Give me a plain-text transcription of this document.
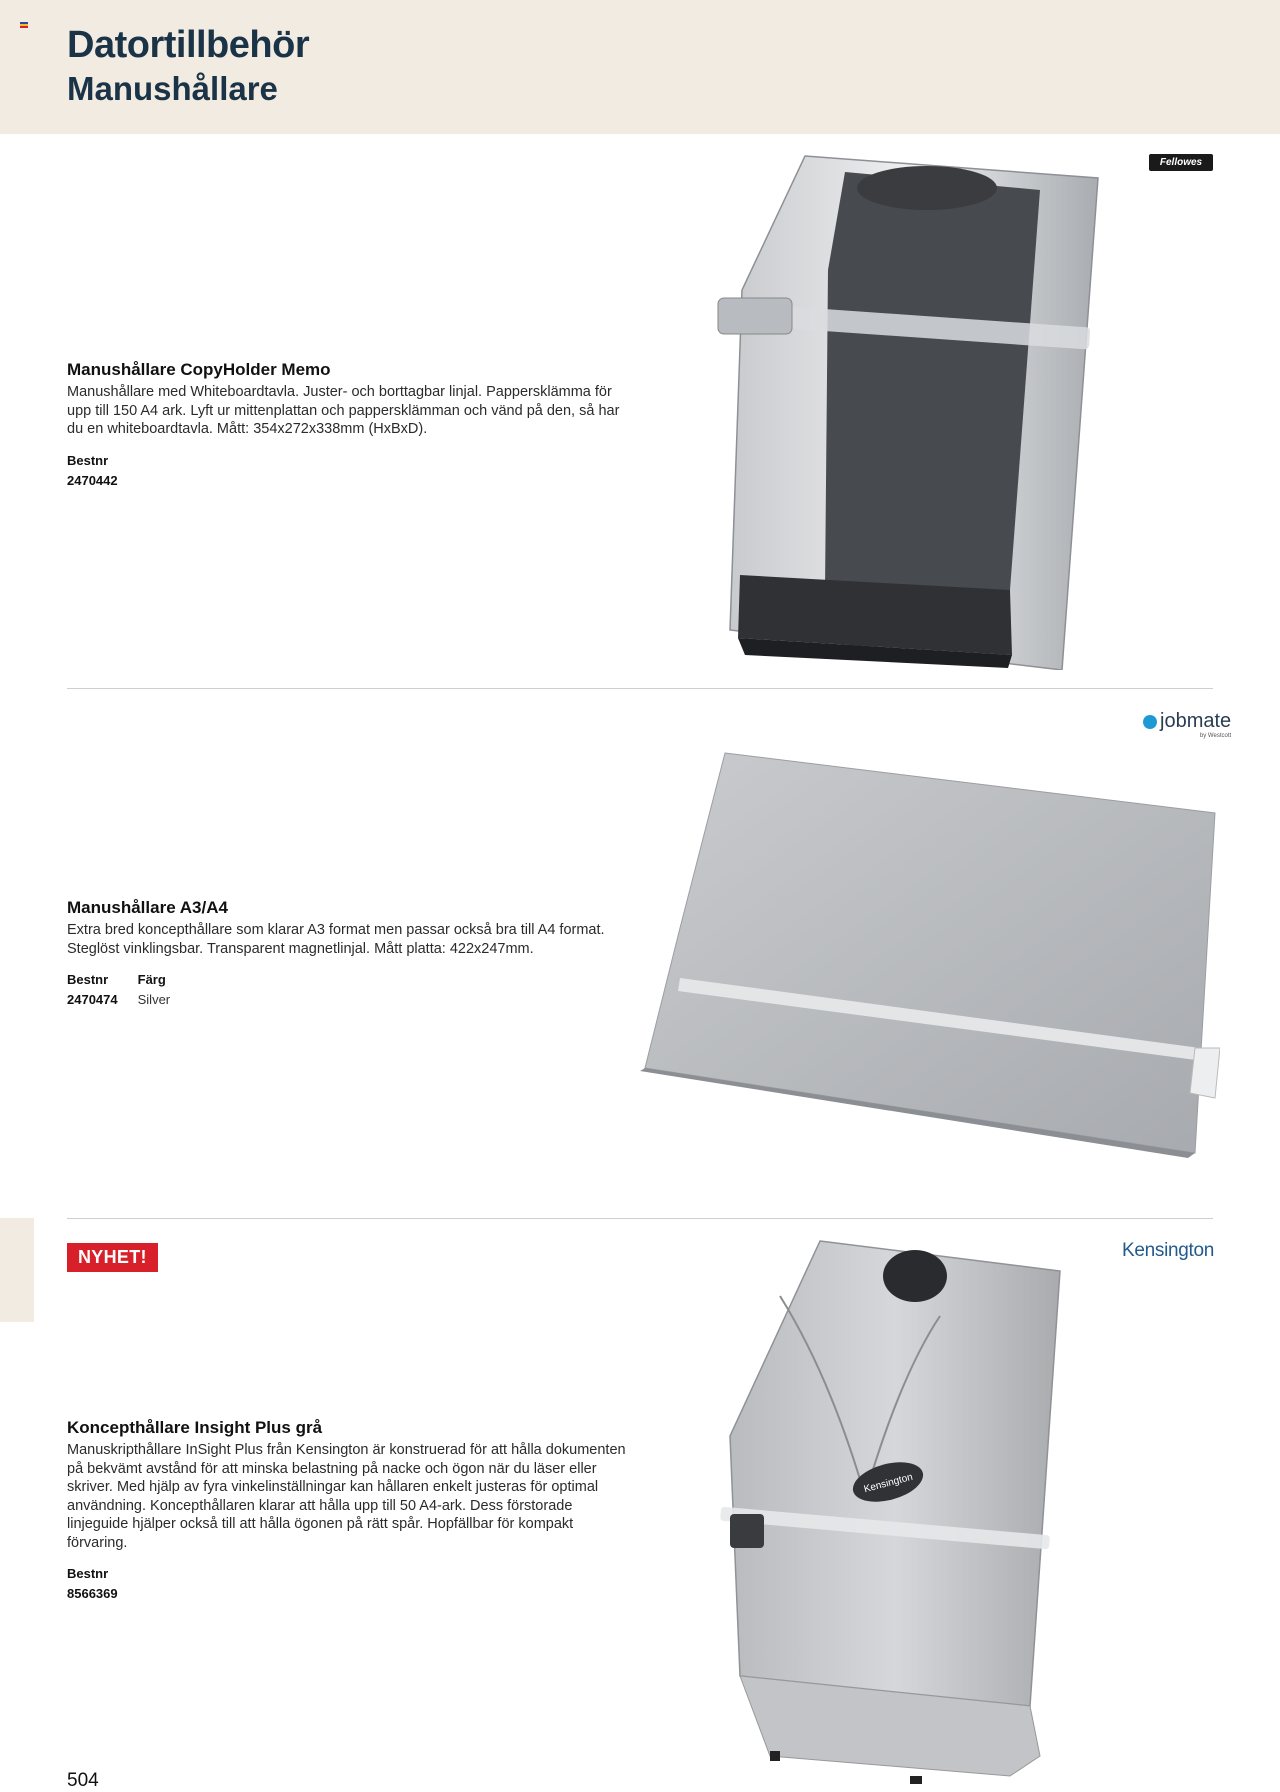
Datortillbehör
Manushållare
Fellowes
Manushållare CopyHolder Memo

Manushållare med Whiteboardtavla. Juster- och borttagbar linjal. Pappersklämma för upp till 150 A4 ark. Lyft ur mittenplattan och pappersklämman och vänd på den, så har du en whiteboardtavla. Mått: 354x272x338mm (HxBxD).

Bestnr
2470442
jobmate
by Westcott
Manushållare A3/A4

Extra bred koncepthållare som klarar A3 format men passar också bra till A4 format. Steglöst vinklingsbar. Transparent magnetlinjal. Mått platta: 422x247mm.

Bestnr
2470474
Färg
Silver
NYHET!	Kensington
Kensington
Koncepthållare Insight Plus grå

Manuskripthållare InSight Plus från Kensington är konstruerad för att hålla dokumenten på bekvämt avstånd för att minska belastning på nacke och ögon när du läser eller skriver. Med hjälp av fyra vinkelinställningar kan hållaren enkelt justeras för optimal användning. Koncepthållaren klarar att hålla upp till 50 A4-ark. Dess förstorade linjeguide hjälper också till att hålla ögonen på rätt spår. Hopfällbar för kompakt förvaring.

Bestnr
8566369

504
